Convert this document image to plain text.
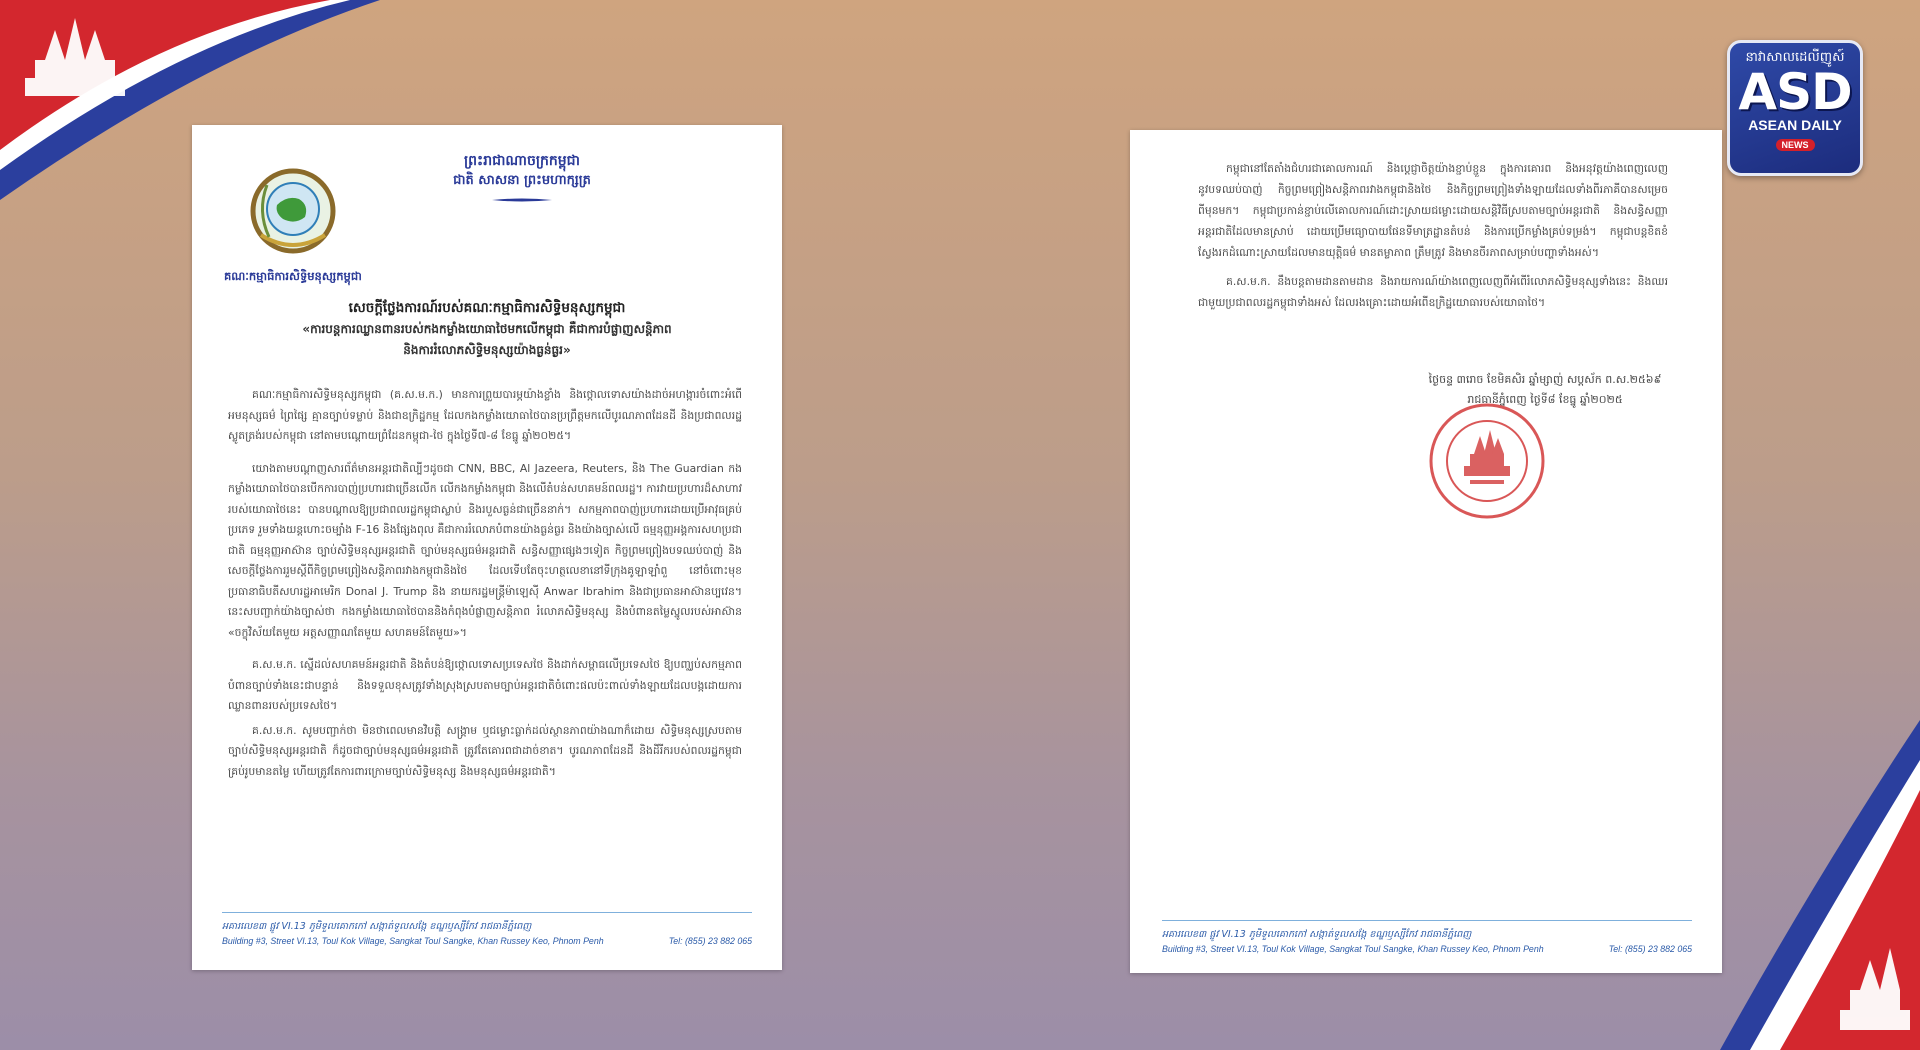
នាវាសាលដេលីញូស៍
ASD
ASEAN DAILY
NEWS
គណៈកម្មាធិការសិទ្ធិមនុស្សកម្ពុជា
ព្រះរាជាណាចក្រកម្ពុជា
ជាតិ សាសនា ព្រះមហាក្សត្រ
សេចក្តីថ្លែងការណ៍របស់គណៈកម្មាធិការសិទ្ធិមនុស្សកម្ពុជា
«ការបន្តការឈ្លានពានរបស់កងកម្លាំងយោធាថៃមកលើកម្ពុជា គឺជាការបំផ្លាញសន្តិភាព
និងការរំលោភសិទ្ធិមនុស្សយ៉ាងធ្ងន់ធ្ងរ»

គណៈកម្មាធិការសិទ្ធិមនុស្សកម្ពុជា (គ.ស.ម.ក.) មានការព្រួយបារម្ភយ៉ាងខ្លាំង និងថ្កោលទោសយ៉ាងដាច់អហង្ការចំពោះអំពើអមនុស្សធម៌ ព្រៃផ្សៃ គ្មានច្បាប់ទម្លាប់ និងជាឧក្រិដ្ឋកម្ម ដែលកងកម្លាំងយោធាថៃបានប្រព្រឹត្តមកលើបូរណភាពដែនដី និងប្រជាពលរដ្ឋស្លូតត្រង់របស់កម្ពុជា នៅតាមបណ្តោយព្រំដែនកម្ពុជា-ថៃ ក្នុងថ្ងៃទី៧-៨ ខែធ្នូ ឆ្នាំ២០២៥។

យោងតាមបណ្តាញសារព័ត៌មានអន្តរជាតិល្បីៗដូចជា CNN, BBC, Al Jazeera, Reuters, និង The Guardian កងកម្លាំងយោធាថៃបានបើកការបាញ់ប្រហារជាច្រើនលើក លើកងកម្លាំងកម្ពុជា និងលើតំបន់សហគមន៍ពលរដ្ឋ។ ការវាយប្រហារដ៏សាហាវរបស់យោធាថៃនេះ បានបណ្តាលឱ្យប្រជាពលរដ្ឋកម្ពុជាស្លាប់ និងរបួសធ្ងន់ជាច្រើននាក់។ សកម្មភាពបាញ់ប្រហារដោយប្រើអាវុធគ្រប់ប្រភេទ រួមទាំងយន្តហោះចម្បាំង F-16 និងផ្សែងពុល គឺជាការរំលោភបំពានយ៉ាងធ្ងន់ធ្ងរ និងយ៉ាងច្បាស់លើ ធម្មនុញ្ញអង្គការសហប្រជាជាតិ ធម្មនុញ្ញអាស៊ាន ច្បាប់សិទ្ធិមនុស្សអន្តរជាតិ ច្បាប់មនុស្សធម៌អន្តរជាតិ សន្ធិសញ្ញាផ្សេងៗទៀត កិច្ចព្រមព្រៀងបទឈប់បាញ់ និង សេចក្តីថ្លែងការរួមស្តីពីកិច្ចព្រមព្រៀងសន្តិភាពរវាងកម្ពុជានិងថៃ ដែលទើបតែចុះហត្ថលេខានៅទីក្រុងគូឡាឡាំពួ នៅចំពោះមុខ ប្រធានាធិបតីសហរដ្ឋអាមេរិក Donal J. Trump និង នាយករដ្ឋមន្ត្រីម៉ាឡេស៊ី Anwar Ibrahim និងជាប្រធានអាស៊ានប្បវេន។ នេះសបញ្ជាក់យ៉ាងច្បាស់ថា កងកម្លាំងយោធាថៃបាននិងកំពុងបំផ្លាញសន្តិភាព រំលោភសិទ្ធិមនុស្ស និងបំពានតម្លៃស្នូលរបស់អាស៊ាន «ចក្ខុវិស័យតែមួយ អត្តសញ្ញាណតែមួយ សហគមន៍តែមួយ»។

គ.ស.ម.ក. ស្នើដល់សហគមន៍អន្តរជាតិ និងតំបន់ឱ្យថ្កោលទោសប្រទេសថៃ និងដាក់សម្ពាធលើប្រទេសថៃ ឱ្យបញ្ឈប់សកម្មភាពបំពានច្បាប់ទាំងនេះជាបន្ទាន់ និងទទួលខុសត្រូវទាំងស្រុងស្របតាមច្បាប់អន្តរជាតិចំពោះផលប៉ះពាល់ទាំងឡាយដែលបង្កដោយការឈ្លានពានរបស់ប្រទេសថៃ។

គ.ស.ម.ក. សូមបញ្ជាក់ថា មិនថាពេលមានវិបត្តិ សង្គ្រាម ឬជម្លោះធ្លាក់ដល់ស្ថានភាពយ៉ាងណាក៏ដោយ សិទ្ធិមនុស្សស្របតាមច្បាប់សិទ្ធិមនុស្សអន្តរជាតិ ក៏ដូចជាច្បាប់មនុស្សធម៌អន្តរជាតិ ត្រូវតែគោរពជាដាច់ខាត។ បូរណភាពដែនដី និងដីរីករបស់ពលរដ្ឋកម្ពុជាគ្រប់រូបមានតម្លៃ ហើយត្រូវតែការពារក្រោមច្បាប់សិទ្ធិមនុស្ស និងមនុស្សធម៌អន្តរជាតិ។

អគារលេខ៣ ផ្លូវ VI.13 ភូមិទួលគោកកៅ សង្កាត់ទួលសង្កែ ខណ្ឌឫស្សីកែវ រាជធានីភ្នំពេញ
Building #3, Street VI.13, Toul Kok Village, Sangkat Toul Sangke, Khan Russey Keo, Phnom Penh	Tel: (855) 23 882 065

កម្ពុជានៅតែតាំងជំហរជាគោលការណ៍ និងប្តេជ្ញាចិត្តយ៉ាងខ្ជាប់ខ្ជួន ក្នុងការគោរព និងអនុវត្តយ៉ាងពេញលេញនូវបទឈប់បាញ់ កិច្ចព្រមព្រៀងសន្តិភាពរវាងកម្ពុជានិងថៃ និងកិច្ចព្រមព្រៀងទាំងឡាយដែលទាំងពីរភាគីបានសម្រេចពីមុនមក។ កម្ពុជាប្រកាន់ខ្ជាប់លើគោលការណ៍ដោះស្រាយជម្លោះដោយសន្តិវិធីស្របតាមច្បាប់អន្តរជាតិ និងសន្ធិសញ្ញាអន្តរជាតិដែលមានស្រាប់ ដោយប្រើមធ្យោបាយផែនទីមាត្រដ្ឋានតំបន់ និងការប្រើកម្លាំងគ្រប់ទម្រង់។ កម្ពុជាបន្តខិតខំស្វែងរកដំណោះស្រាយដែលមានយុត្តិធម៌ មានតម្លាភាព ត្រឹមត្រូវ និងមានចីរភាពសម្រាប់បញ្ហាទាំងអស់។

គ.ស.ម.ក. នឹងបន្តតាមដានតាមដាន និងរាយការណ៍យ៉ាងពេញលេញពីអំពើរំលោភសិទ្ធិមនុស្សទាំងនេះ និងឈរជាមួយប្រជាពលរដ្ឋកម្ពុជាទាំងអស់ ដែលរងគ្រោះដោយអំពើឧក្រិដ្ឋយោធារបស់យោធាថៃ។

ថ្ងៃចន្ទ ៣រោច ខែមិគសិរ ឆ្នាំម្សាញ់ សប្តស័ក ព.ស.២៥៦៩
រាជធានីភ្នំពេញ ថ្ងៃទី៨ ខែធ្នូ ឆ្នាំ២០២៥
អគារលេខ៣ ផ្លូវ VI.13 ភូមិទួលគោកកៅ សង្កាត់ទួលសង្កែ ខណ្ឌឫស្សីកែវ រាជធានីភ្នំពេញ
Building #3, Street VI.13, Toul Kok Village, Sangkat Toul Sangke, Khan Russey Keo, Phnom Penh	Tel: (855) 23 882 065
